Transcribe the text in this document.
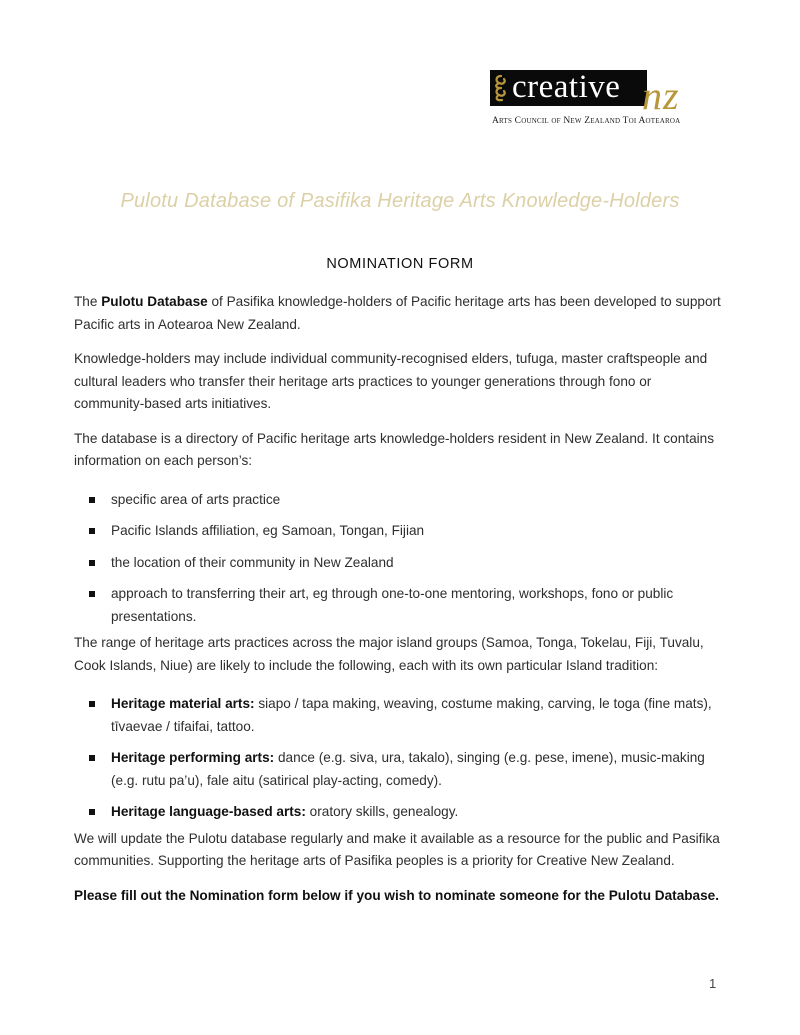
creative nz
Arts Council of New Zealand Toi Aotearoa
Pulotu Database of Pasifika Heritage Arts Knowledge-Holders
NOMINATION FORM

The Pulotu Database of Pasifika knowledge-holders of Pacific heritage arts has been developed to support Pacific arts in Aotearoa New Zealand.

Knowledge-holders may include individual community-recognised elders, tufuga, master craftspeople and cultural leaders who transfer their heritage arts practices to younger generations through fono or community-based arts initiatives.

The database is a directory of Pacific heritage arts knowledge-holders resident in New Zealand. It contains information on each person’s:

specific area of arts practice
Pacific Islands affiliation, eg Samoan, Tongan, Fijian
the location of their community in New Zealand
approach to transferring their art, eg through one-to-one mentoring, workshops, fono or public presentations.

The range of heritage arts practices across the major island groups (Samoa, Tonga, Tokelau, Fiji, Tuvalu, Cook Islands, Niue) are likely to include the following, each with its own particular Island tradition:

Heritage material arts: siapo / tapa making, weaving, costume making, carving, le toga (fine mats), tīvaevae / tifaifai, tattoo.
Heritage performing arts: dance (e.g. siva, ura, takalo), singing (e.g. pese, imene), music-making (e.g. rutu pa’u), fale aitu (satirical play-acting, comedy).
Heritage language-based arts: oratory skills, genealogy.

We will update the Pulotu database regularly and make it available as a resource for the public and Pasifika communities. Supporting the heritage arts of Pasifika peoples is a priority for Creative New Zealand.

Please fill out the Nomination form below if you wish to nominate someone for the Pulotu Database.

1
